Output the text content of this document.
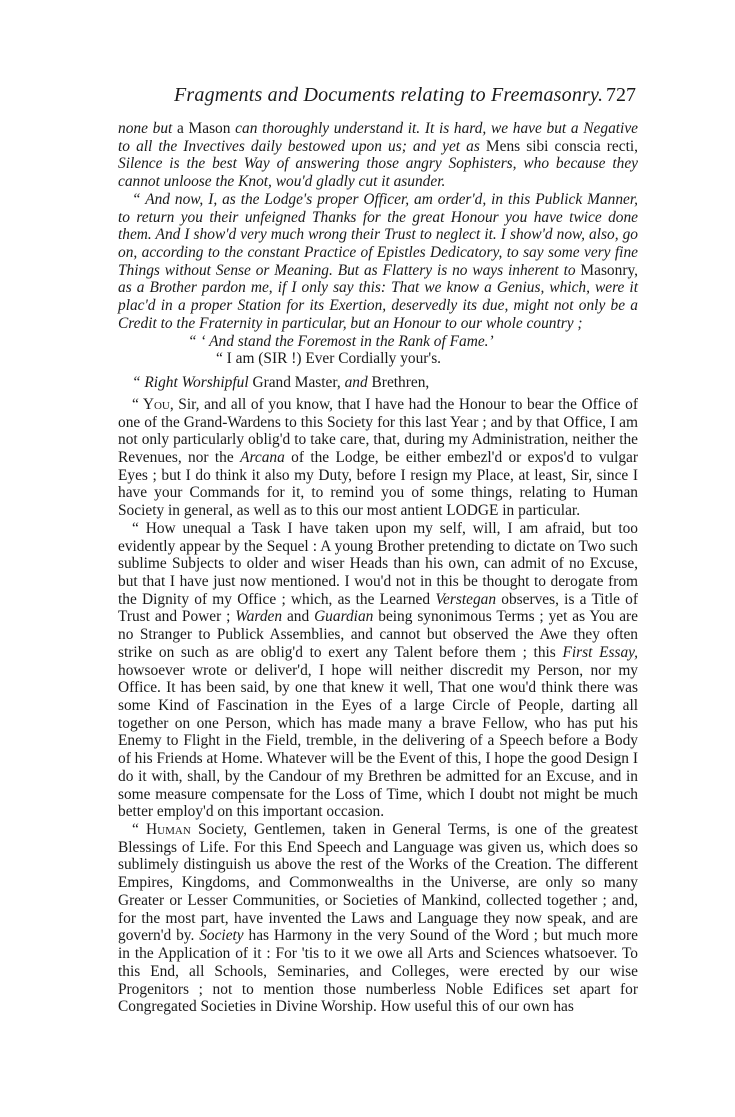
Fragments and Documents relating to Freemasonry. 727

none but a Mason can thoroughly understand it. It is hard, we have but a Negative to all the Invectives daily bestowed upon us; and yet as Mens sibi conscia recti, Silence is the best Way of answering those angry Sophisters, who because they cannot unloose the Knot, wou'd gladly cut it asunder.

“ And now, I, as the Lodge's proper Officer, am order'd, in this Publick Manner, to return you their unfeigned Thanks for the great Honour you have twice done them. And I show'd very much wrong their Trust to neglect it. I show'd now, also, go on, according to the constant Practice of Epistles Dedicatory, to say some very fine Things without Sense or Meaning. But as Flattery is no ways inherent to Masonry, as a Brother pardon me, if I only say this: That we know a Genius, which, were it plac'd in a proper Station for its Exertion, deservedly its due, might not only be a Credit to the Fraternity in particular, but an Honour to our whole country ;

“ ‘ And stand the Foremost in the Rank of Fame.’

“ I am (SIR !) Ever Cordially your's.

“ Right Worshipful Grand Master, and Brethren,

“ You, Sir, and all of you know, that I have had the Honour to bear the Office of one of the Grand-Wardens to this Society for this last Year ; and by that Office, I am not only particularly oblig'd to take care, that, during my Administration, neither the Revenues, nor the Arcana of the Lodge, be either embezl'd or expos'd to vulgar Eyes ; but I do think it also my Duty, before I resign my Place, at least, Sir, since I have your Commands for it, to remind you of some things, relating to Human Society in general, as well as to this our most antient LODGE in particular.

“ How unequal a Task I have taken upon my self, will, I am afraid, but too evidently appear by the Sequel : A young Brother pretending to dictate on Two such sublime Subjects to older and wiser Heads than his own, can admit of no Excuse, but that I have just now mentioned. I wou'd not in this be thought to derogate from the Dignity of my Office ; which, as the Learned Verstegan observes, is a Title of Trust and Power ; Warden and Guardian being synonimous Terms ; yet as You are no Stranger to Publick Assemblies, and cannot but observed the Awe they often strike on such as are oblig'd to exert any Talent before them ; this First Essay, howsoever wrote or deliver'd, I hope will neither discredit my Person, nor my Office. It has been said, by one that knew it well, That one wou'd think there was some Kind of Fascination in the Eyes of a large Circle of People, darting all together on one Person, which has made many a brave Fellow, who has put his Enemy to Flight in the Field, tremble, in the delivering of a Speech before a Body of his Friends at Home. Whatever will be the Event of this, I hope the good Design I do it with, shall, by the Candour of my Brethren be admitted for an Excuse, and in some measure compensate for the Loss of Time, which I doubt not might be much better employ'd on this important occasion.

“ Human Society, Gentlemen, taken in General Terms, is one of the greatest Blessings of Life. For this End Speech and Language was given us, which does so sublimely distinguish us above the rest of the Works of the Creation. The different Empires, Kingdoms, and Commonwealths in the Universe, are only so many Greater or Lesser Communities, or Societies of Mankind, collected together ; and, for the most part, have invented the Laws and Language they now speak, and are govern'd by. Society has Harmony in the very Sound of the Word ; but much more in the Application of it : For 'tis to it we owe all Arts and Sciences whatsoever. To this End, all Schools, Seminaries, and Colleges, were erected by our wise Progenitors ; not to mention those numberless Noble Edifices set apart for Congregated Societies in Divine Worship. How useful this of our own has
